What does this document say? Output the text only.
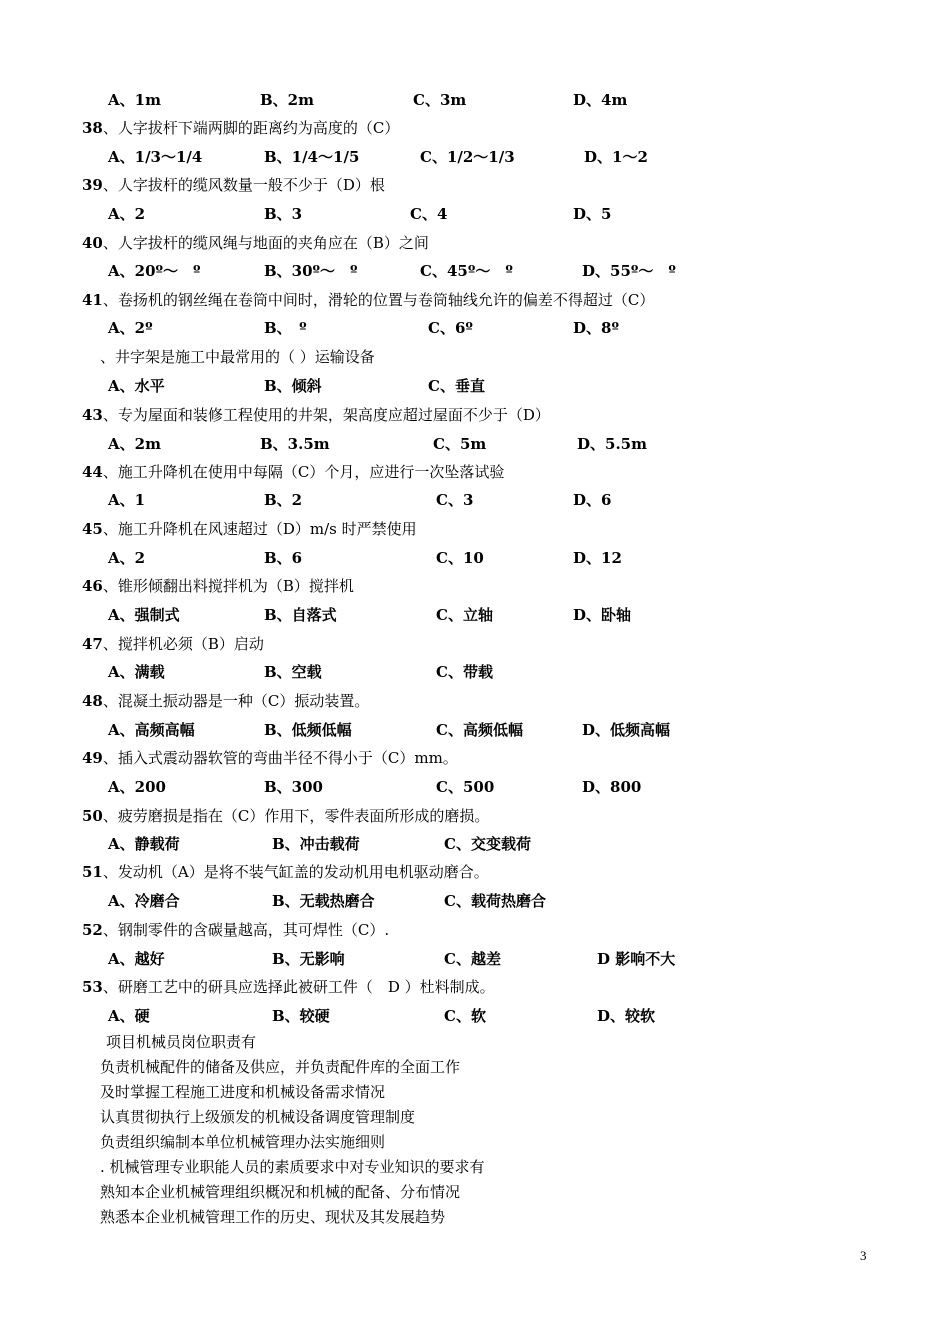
A、1m	B、2m	C、3m	D、4m
38、人字拔杆下端两脚的距离约为高度的（C）
A、1/3～1/4	B、1/4～1/5	C、1/2～1/3	D、1～2
39、人字拔杆的缆风数量一般不少于（D）根
A、2	B、3	C、4	D、5
40、人字拔杆的缆风绳与地面的夹角应在（B）之间
A、20º～　º	B、30º～　º	C、45º～　º	D、55º～　º
41、卷扬机的钢丝绳在卷筒中间时，滑轮的位置与卷筒轴线允许的偏差不得超过（C）
A、2º	B、　º	C、6º	D、8º
、井字架是施工中最常用的（ ）运输设备
A、水平	B、倾斜	C、垂直
43、专为屋面和装修工程使用的井架，架高度应超过屋面不少于（D）
A、2m	B、3.5m	C、5m	D、5.5m
44、施工升降机在使用中每隔（C）个月，应进行一次坠落试验
A、1	B、2	C、3	D、6
45、施工升降机在风速超过（D）m/s 时严禁使用
A、2	B、6	C、10	D、12
46、锥形倾翻出料搅拌机为（B）搅拌机
A、强制式	B、自落式	C、立轴	D、卧轴
47、搅拌机必须（B）启动
A、满载	B、空载	C、带载
48、混凝土振动器是一种（C）振动装置。
A、高频高幅	B、低频低幅	C、高频低幅	D、低频高幅
49、插入式震动器软管的弯曲半径不得小于（C）mm。
A、200	B、300	C、500	D、800
50、疲劳磨损是指在（C）作用下，零件表面所形成的磨损。
A、静载荷	B、冲击载荷	C、交变载荷
51、发动机（A）是将不装气缸盖的发动机用电机驱动磨合。
A、冷磨合	B、无载热磨合	C、载荷热磨合
52、钢制零件的含碳量越高，其可焊性（C）.
A、越好	B、无影响	C、越差	D 影响不大
53、研磨工艺中的研具应选择此被研工件（　D ）杜料制成。
A、硬	B、较硬	C、软	D、较软
项目机械员岗位职责有
负责机械配件的储备及供应，并负责配件库的全面工作
及时掌握工程施工进度和机械设备需求情况
认真贯彻执行上级颁发的机械设备调度管理制度
负责组织编制本单位机械管理办法实施细则
. 机械管理专业职能人员的素质要求中对专业知识的要求有
熟知本企业机械管理组织概况和机械的配备、分布情况
熟悉本企业机械管理工作的历史、现状及其发展趋势
3
